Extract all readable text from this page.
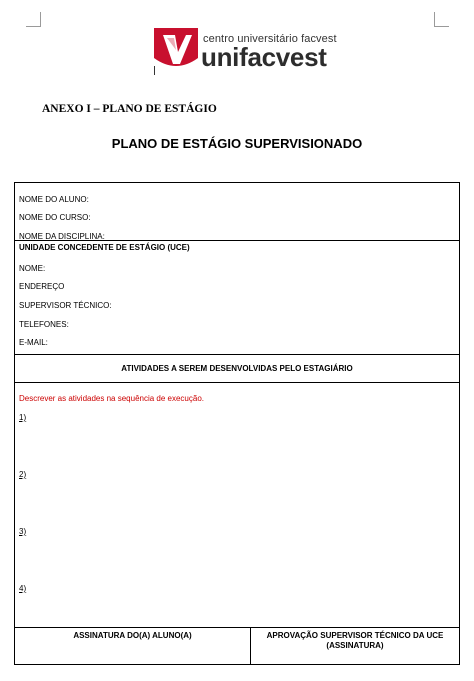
centro universitário facvest
unifacvest
ANEXO I – PLANO DE ESTÁGIO
PLANO DE ESTÁGIO SUPERVISIONADO
NOME DO ALUNO:
NOME DO CURSO:
NOME DA DISCIPLINA:
UNIDADE CONCEDENTE DE ESTÁGIO (UCE)
NOME:
ENDEREÇO
SUPERVISOR TÉCNICO:
TELEFONES:
E-MAIL:
ATIVIDADES A SEREM DESENVOLVIDAS PELO ESTAGIÁRIO
Descrever as atividades na sequência de execução.
1)
2)
3)
4)
ASSINATURA DO(A) ALUNO(A)	APROVAÇÃO SUPERVISOR TÉCNICO DA UCE
(ASSINATURA)
